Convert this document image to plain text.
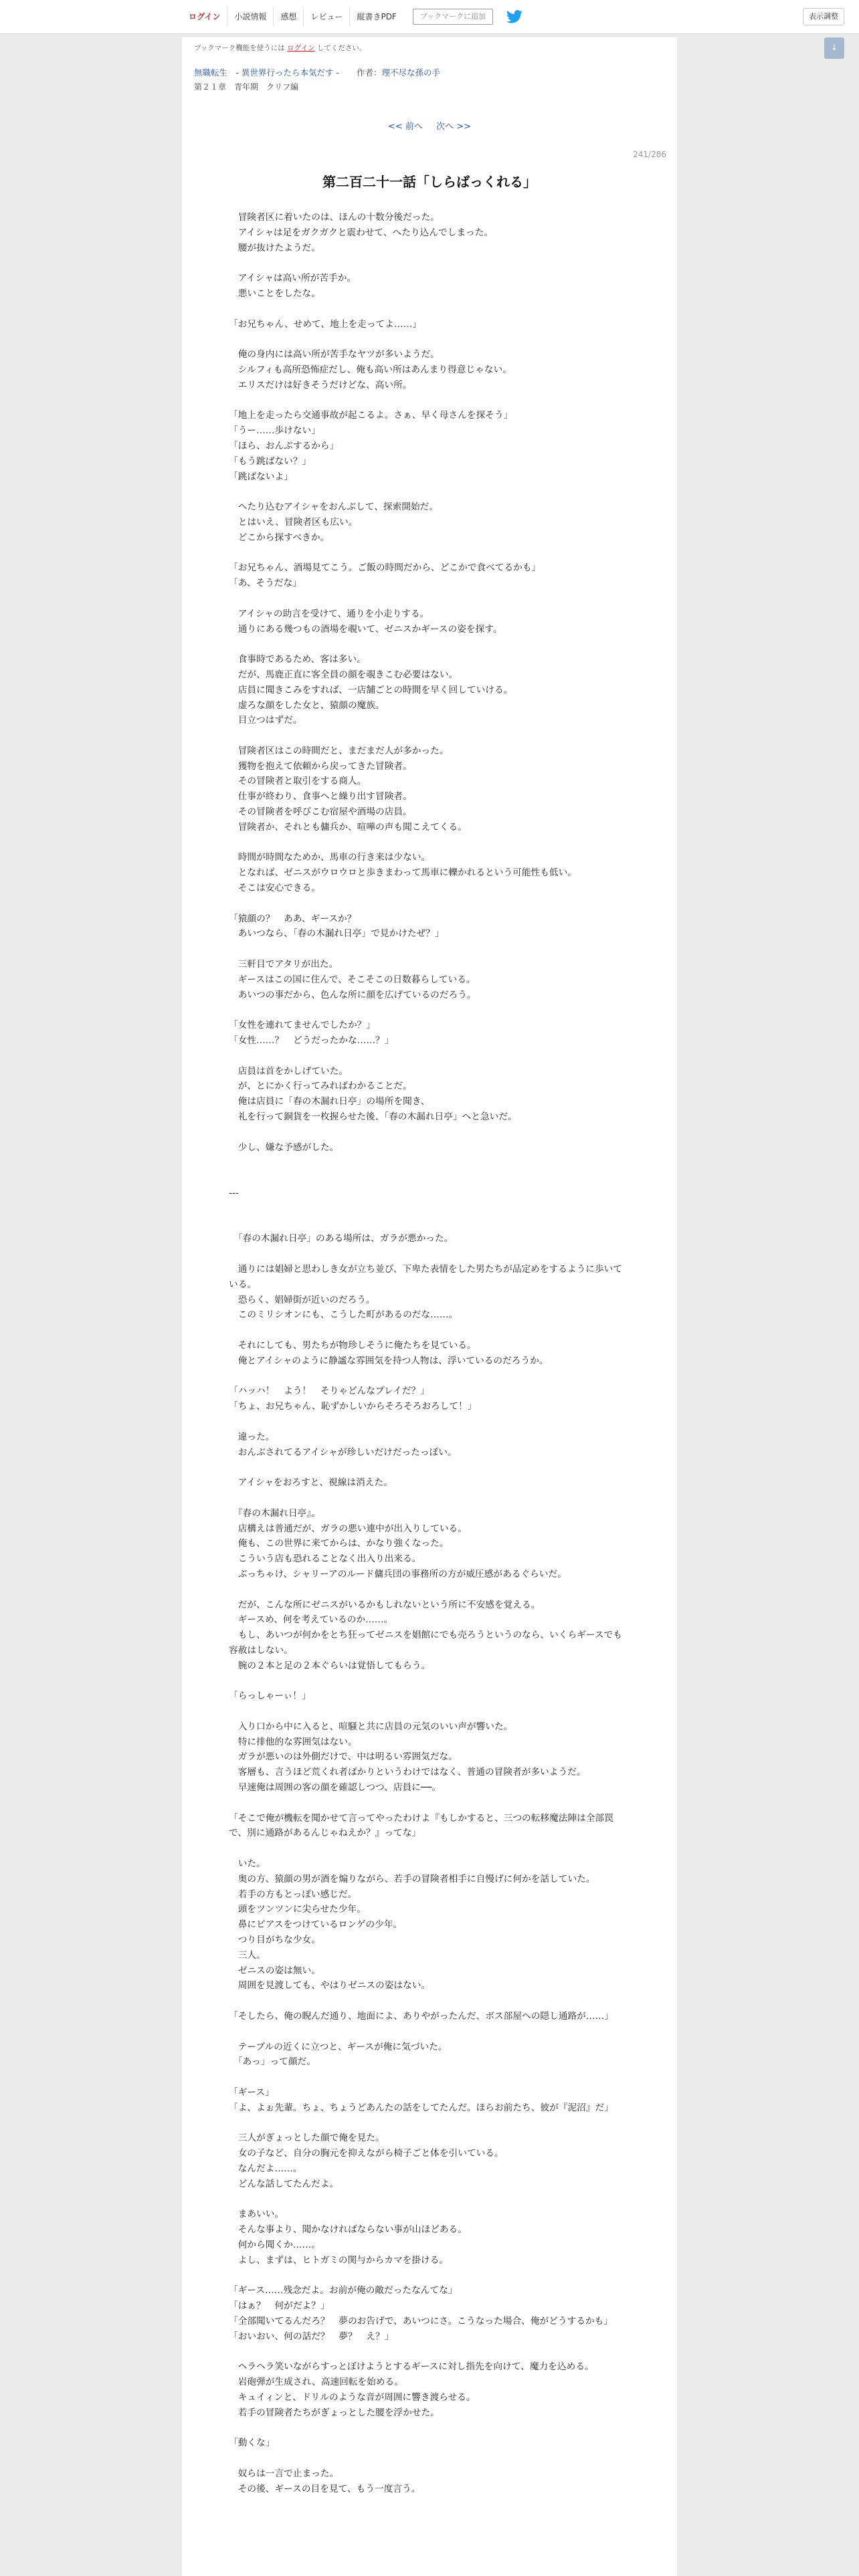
ログイン	小説情報	感想	レビュー	縦書きPDF	ブックマークに追加	表示調整
↓
ブックマーク機能を使うには ログイン してください。
無職転生　- 異世界行ったら本気だす - 作者：理不尽な孫の手
第２１章　青年期　クリフ編
<< 前へ 次へ >>
241/286
第二百二十一話「しらばっくれる」

　冒険者区に着いたのは、ほんの十数分後だった。

　アイシャは足をガクガクと震わせて、へたり込んでしまった。

　腰が抜けたようだ。

　アイシャは高い所が苦手か。

　悪いことをしたな。

「お兄ちゃん、せめて、地上を走ってよ……」

　俺の身内には高い所が苦手なヤツが多いようだ。

　シルフィも高所恐怖症だし、俺も高い所はあんまり得意じゃない。

　エリスだけは好きそうだけどな、高い所。

「地上を走ったら交通事故が起こるよ。さぁ、早く母さんを探そう」

「うー……歩けない」

「ほら、おんぶするから」

「もう跳ばない？」

「跳ばないよ」

　へたり込むアイシャをおんぶして、探索開始だ。

　とはいえ、冒険者区も広い。

　どこから探すべきか。

「お兄ちゃん、酒場見てこう。ご飯の時間だから、どこかで食べてるかも」

「あ、そうだな」

　アイシャの助言を受けて、通りを小走りする。

　通りにある幾つもの酒場を覗いて、ゼニスかギースの姿を探す。

　食事時であるため、客は多い。

　だが、馬鹿正直に客全員の顔を覗きこむ必要はない。

　店員に聞きこみをすれば、一店舗ごとの時間を早く回していける。

　虚ろな顔をした女と、猿顔の魔族。

　目立つはずだ。

　冒険者区はこの時間だと、まだまだ人が多かった。

　獲物を抱えて依頼から戻ってきた冒険者。

　その冒険者と取引をする商人。

　仕事が終わり、食事へと繰り出す冒険者。

　その冒険者を呼びこむ宿屋や酒場の店員。

　冒険者か、それとも傭兵か、喧嘩の声も聞こえてくる。

　時間が時間なためか、馬車の行き来は少ない。

　となれば、ゼニスがウロウロと歩きまわって馬車に轢かれるという可能性も低い。

　そこは安心できる。

「猿顔の？　ああ、ギースか？

　あいつなら、「春の木漏れ日亭」で見かけたぜ？」

　三軒目でアタリが出た。

　ギースはこの国に住んで、そこそこの日数暮らしている。

　あいつの事だから、色んな所に顔を広げているのだろう。

「女性を連れてませんでしたか？」

「女性……？　どうだったかな……？」

　店員は首をかしげていた。

　が、とにかく行ってみればわかることだ。

　俺は店員に「春の木漏れ日亭」の場所を聞き、

　礼を行って銅貨を一枚握らせた後、「春の木漏れ日亭」へと急いだ。

　少し、嫌な予感がした。

---

　「春の木漏れ日亭」のある場所は、ガラが悪かった。

　通りには娼婦と思わしき女が立ち並び、下卑た表情をした男たちが品定めをするように歩いている。

　恐らく、娼婦街が近いのだろう。

　このミリシオンにも、こうした町があるのだな……。

　それにしても、男たちが物珍しそうに俺たちを見ている。

　俺とアイシャのように静謐な雰囲気を持つ人物は、浮いているのだろうか。

「ハッハ！　よう！　そりゃどんなプレイだ？」

「ちょ、お兄ちゃん、恥ずかしいからそろそろおろして！」

　違った。

　おんぶされてるアイシャが珍しいだけだったっぽい。

　アイシャをおろすと、視線は消えた。

　『春の木漏れ日亭』。

　店構えは普通だが、ガラの悪い連中が出入りしている。

　俺も、この世界に来てからは、かなり強くなった。

　こういう店も恐れることなく出入り出来る。

　ぶっちゃけ、シャリーアのルード傭兵団の事務所の方が威圧感があるぐらいだ。

　だが、こんな所にゼニスがいるかもしれないという所に不安感を覚える。

　ギースめ、何を考えているのか……。

　もし、あいつが何かをとち狂ってゼニスを娼館にでも売ろうというのなら、いくらギースでも容赦はしない。

　腕の２本と足の２本ぐらいは覚悟してもらう。

「らっしゃーぃ！」

　入り口から中に入ると、喧騒と共に店員の元気のいい声が響いた。

　特に排他的な雰囲気はない。

　ガラが悪いのは外側だけで、中は明るい雰囲気だな。

　客層も、言うほど荒くれ者ばかりというわけではなく、普通の冒険者が多いようだ。

　早速俺は周囲の客の顔を確認しつつ、店員に──。

「そこで俺が機転を聞かせて言ってやったわけよ『もしかすると、三つの転移魔法陣は全部罠で、別に通路があるんじゃねえか？』ってな」

　いた。

　奥の方、猿顔の男が酒を煽りながら、若手の冒険者相手に自慢げに何かを話していた。

　若手の方もとっぽい感じだ。

　頭をツンツンに尖らせた少年。

　鼻にピアスをつけているロンゲの少年。

　つり目がちな少女。

　三人。

　ゼニスの姿は無い。

　周囲を見渡しても、やはりゼニスの姿はない。

「そしたら、俺の睨んだ通り、地面によ、ありやがったんだ、ボス部屋への隠し通路が……」

　テーブルの近くに立つと、ギースが俺に気づいた。

　「あっ」って顔だ。

「ギース」

「よ、よぉ先輩。ちょ、ちょうどあんたの話をしてたんだ。ほらお前たち、彼が『泥沼』だ」

　三人がぎょっとした顔で俺を見た。

　女の子など、自分の胸元を抑えながら椅子ごと体を引いている。

　なんだよ……。

　どんな話してたんだよ。

　まあいい。

　そんな事より、聞かなければならない事が山ほどある。

　何から聞くか……。

　よし、まずは、ヒトガミの関与からカマを掛ける。

「ギース……残念だよ。お前が俺の敵だったなんてな」

「はぁ？　何がだよ？」

「全部聞いてるんだろ？　夢のお告げで、あいつにさ。こうなった場合、俺がどうするかも」

「おいおい、何の話だ？　夢？　え？」

　ヘラヘラ笑いながらすっとぼけようとするギースに対し指先を向けて、魔力を込める。

　岩砲弾が生成され、高速回転を始める。

　キュイィンと、ドリルのような音が周囲に響き渡らせる。

　若手の冒険者たちがぎょっとした腰を浮かせた。

「動くな」

　奴らは一言で止まった。

　その後、ギースの目を見て、もう一度言う。
